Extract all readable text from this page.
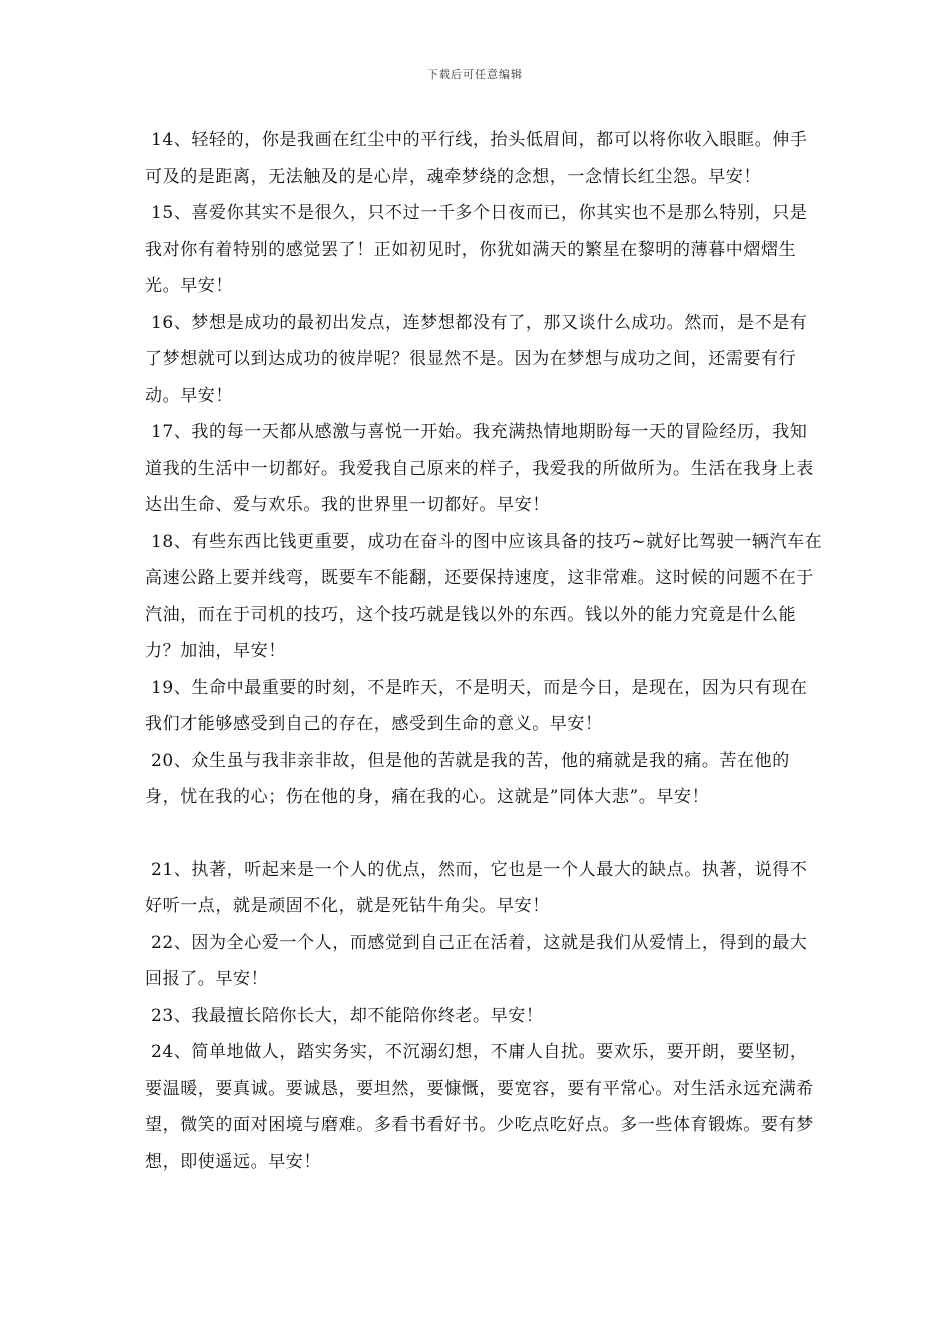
下载后可任意编辑

14、轻轻的，你是我画在红尘中的平行线，抬头低眉间，都可以将你收入眼眶。伸手可及的是距离，无法触及的是心岸，魂牵梦绕的念想，一念情长红尘怨。早安！

15、喜爱你其实不是很久，只不过一千多个日夜而已，你其实也不是那么特别，只是我对你有着特别的感觉罢了！正如初见时，你犹如满天的繁星在黎明的薄暮中熠熠生光。早安！

16、梦想是成功的最初出发点，连梦想都没有了，那又谈什么成功。然而，是不是有了梦想就可以到达成功的彼岸呢？很显然不是。因为在梦想与成功之间，还需要有行动。早安！

17、我的每一天都从感激与喜悦一开始。我充满热情地期盼每一天的冒险经历，我知道我的生活中一切都好。我爱我自己原来的样子，我爱我的所做所为。生活在我身上表达出生命、爱与欢乐。我的世界里一切都好。早安！

18、有些东西比钱更重要，成功在奋斗的图中应该具备的技巧~就好比驾驶一辆汽车在高速公路上要并线弯，既要车不能翻，还要保持速度，这非常难。这时候的问题不在于汽油，而在于司机的技巧，这个技巧就是钱以外的东西。钱以外的能力究竟是什么能力？加油，早安！

19、生命中最重要的时刻，不是昨天，不是明天，而是今日，是现在，因为只有现在我们才能够感受到自己的存在，感受到生命的意义。早安！

20、众生虽与我非亲非故，但是他的苦就是我的苦，他的痛就是我的痛。苦在他的身，忧在我的心；伤在他的身，痛在我的心。这就是”同体大悲”。早安！

21、执著，听起来是一个人的优点，然而，它也是一个人最大的缺点。执著，说得不好听一点，就是顽固不化，就是死钻牛角尖。早安！

22、因为全心爱一个人，而感觉到自己正在活着，这就是我们从爱情上，得到的最大回报了。早安！

23、我最擅长陪你长大，却不能陪你终老。早安！

24、简单地做人，踏实务实，不沉溺幻想，不庸人自扰。要欢乐，要开朗，要坚韧，要温暖，要真诚。要诚恳，要坦然，要慷慨，要宽容，要有平常心。对生活永远充满希望，微笑的面对困境与磨难。多看书看好书。少吃点吃好点。多一些体育锻炼。要有梦想，即使遥远。早安！
